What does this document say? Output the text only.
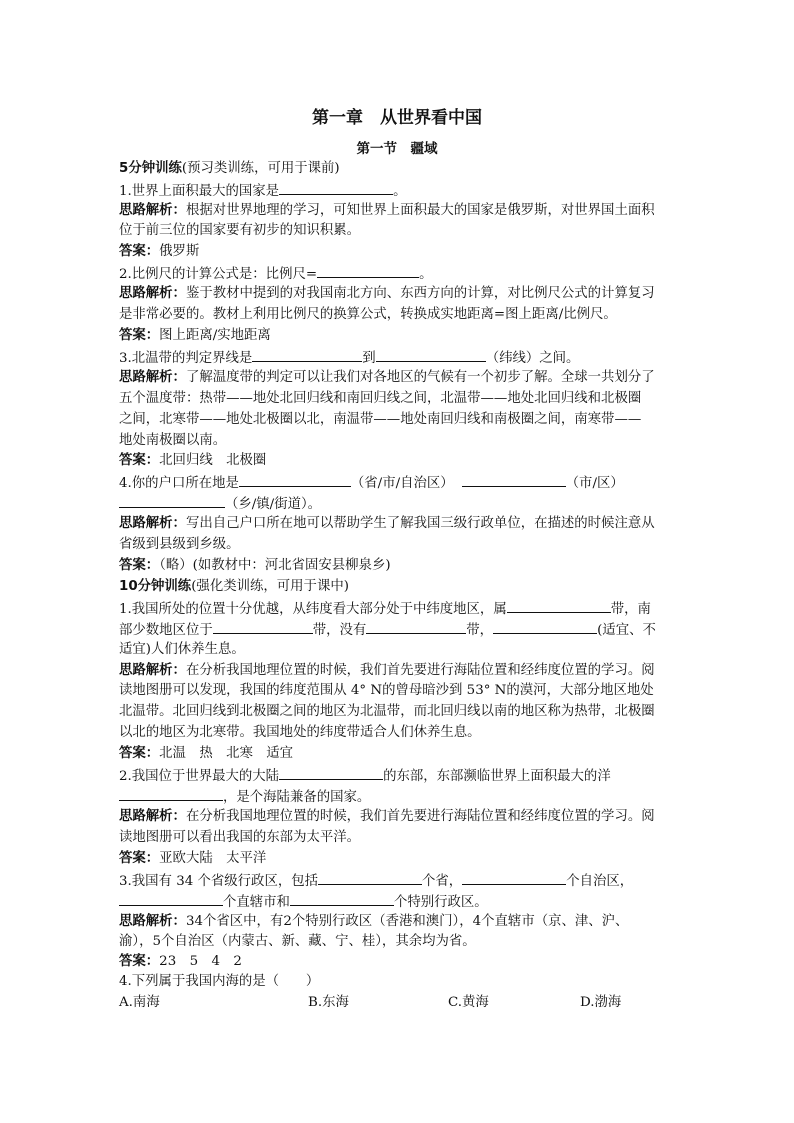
第一章　从世界看中国
第一节　疆域
5分钟训练(预习类训练，可用于课前)
1.世界上面积最大的国家是	。
思路解析：根据对世界地理的学习，可知世界上面积最大的国家是俄罗斯，对世界国土面积
位于前三位的国家要有初步的知识积累。
答案：俄罗斯
2.比例尺的计算公式是：比例尺=	。
思路解析：鉴于教材中提到的对我国南北方向、东西方向的计算，对比例尺公式的计算复习
是非常必要的。教材上利用比例尺的换算公式，转换成实地距离=图上距离/比例尺。
答案：图上距离/实地距离
3.北温带的判定界线是	到	（纬线）之间。
思路解析：了解温度带的判定可以让我们对各地区的气候有一个初步了解。全球一共划分了
五个温度带：热带——地处北回归线和南回归线之间，北温带——地处北回归线和北极圈
之间，北寒带——地处北极圈以北，南温带——地处南回归线和南极圈之间，南寒带——
地处南极圈以南。
答案：北回归线　北极圈
4.你的户口所在地是	（省/市/自治区）	（市/区）
（乡/镇/街道）。
思路解析：写出自己户口所在地可以帮助学生了解我国三级行政单位，在描述的时候注意从
省级到县级到乡级。
答案：（略）(如教材中：河北省固安县柳泉乡)
10分钟训练(强化类训练，可用于课中)
1.我国所处的位置十分优越，从纬度看大部分处于中纬度地区，属	带，南
部少数地区位于	带，没有	带，	(适宜、不
适宜)人们休养生息。
思路解析：在分析我国地理位置的时候，我们首先要进行海陆位置和经纬度位置的学习。阅
读地图册可以发现，我国的纬度范围从 4° N的曾母暗沙到 53° N的漠河，大部分地区地处
北温带。北回归线到北极圈之间的地区为北温带，而北回归线以南的地区称为热带，北极圈
以北的地区为北寒带。我国地处的纬度带适合人们休养生息。
答案：北温　热　北寒　适宜
2.我国位于世界最大的大陆	的东部，东部濒临世界上面积最大的洋
，是个海陆兼备的国家。
思路解析：在分析我国地理位置的时候，我们首先要进行海陆位置和经纬度位置的学习。阅
读地图册可以看出我国的东部为太平洋。
答案：亚欧大陆　太平洋
3.我国有 34 个省级行政区，包括	个省，	个自治区，
个直辖市和	个特别行政区。
思路解析：34个省区中，有2个特别行政区（香港和澳门），4个直辖市（京、津、沪、
渝），5个自治区（内蒙古、新、藏、宁、桂），其余均为省。
答案：23　5　4　2
4.下列属于我国内海的是（　　）
A.南海	B.东海	C.黄海	D.渤海
